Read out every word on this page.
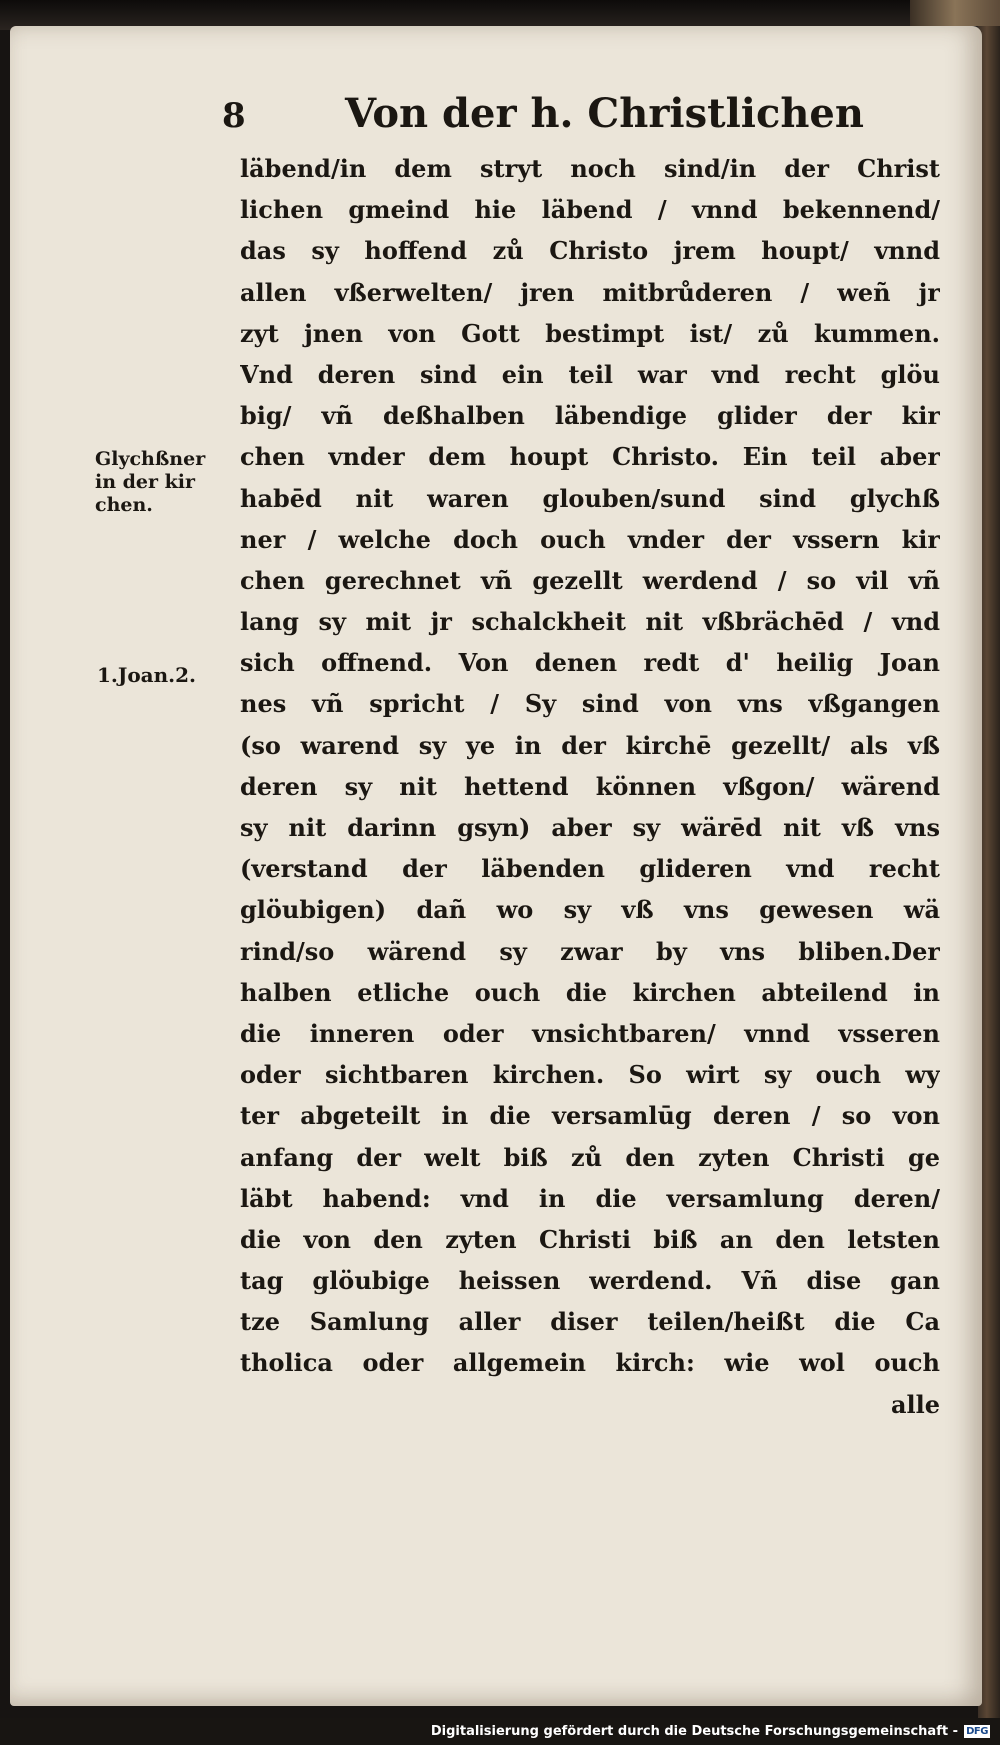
8 Von der h. Christlichen
Glychßner
in der kir
chen.
1.Joan.2.
läbend/in dem stryt noch sind/in der Christ
lichen gmeind hie läbend / vnnd bekennend/
das sy hoffend zů Christo jrem houpt/ vnnd
allen vßerwelten/ jren mitbrůderen / weñ jr
zyt jnen von Gott bestimpt ist/ zů kummen.
Vnd deren sind ein teil war vnd recht glöu
big/ vñ deßhalben läbendige glider der kir
chen vnder dem houpt Christo. Ein teil aber
habēd nit waren glouben/sund sind glychß
ner / welche doch ouch vnder der vssern kir
chen gerechnet vñ gezellt werdend / so vil vñ
lang sy mit jr schalckheit nit vßbrächēd / vnd
sich offnend. Von denen redt d' heilig Joan
nes vñ spricht / Sy sind von vns vßgangen
(so warend sy ye in der kirchē gezellt/ als vß
deren sy nit hettend können vßgon/ wärend
sy nit darinn gsyn) aber sy wärēd nit vß vns
(verstand der läbenden glideren vnd recht
glöubigen) dañ wo sy vß vns gewesen wä
rind/so wärend sy zwar by vns bliben.Der
halben etliche ouch die kirchen abteilend in
die inneren oder vnsichtbaren/ vnnd vsseren
oder sichtbaren kirchen. So wirt sy ouch wy
ter abgeteilt in die versamlūg deren / so von
anfang der welt biß zů den zyten Christi ge
läbt habend: vnd in die versamlung deren/
die von den zyten Christi biß an den letsten
tag glöubige heissen werdend. Vñ dise gan
tze Samlung aller diser teilen/heißt die Ca
tholica oder allgemein kirch: wie wol ouch
alle
Digitalisierung gefördert durch die Deutsche Forschungsgemeinschaft - DFG
